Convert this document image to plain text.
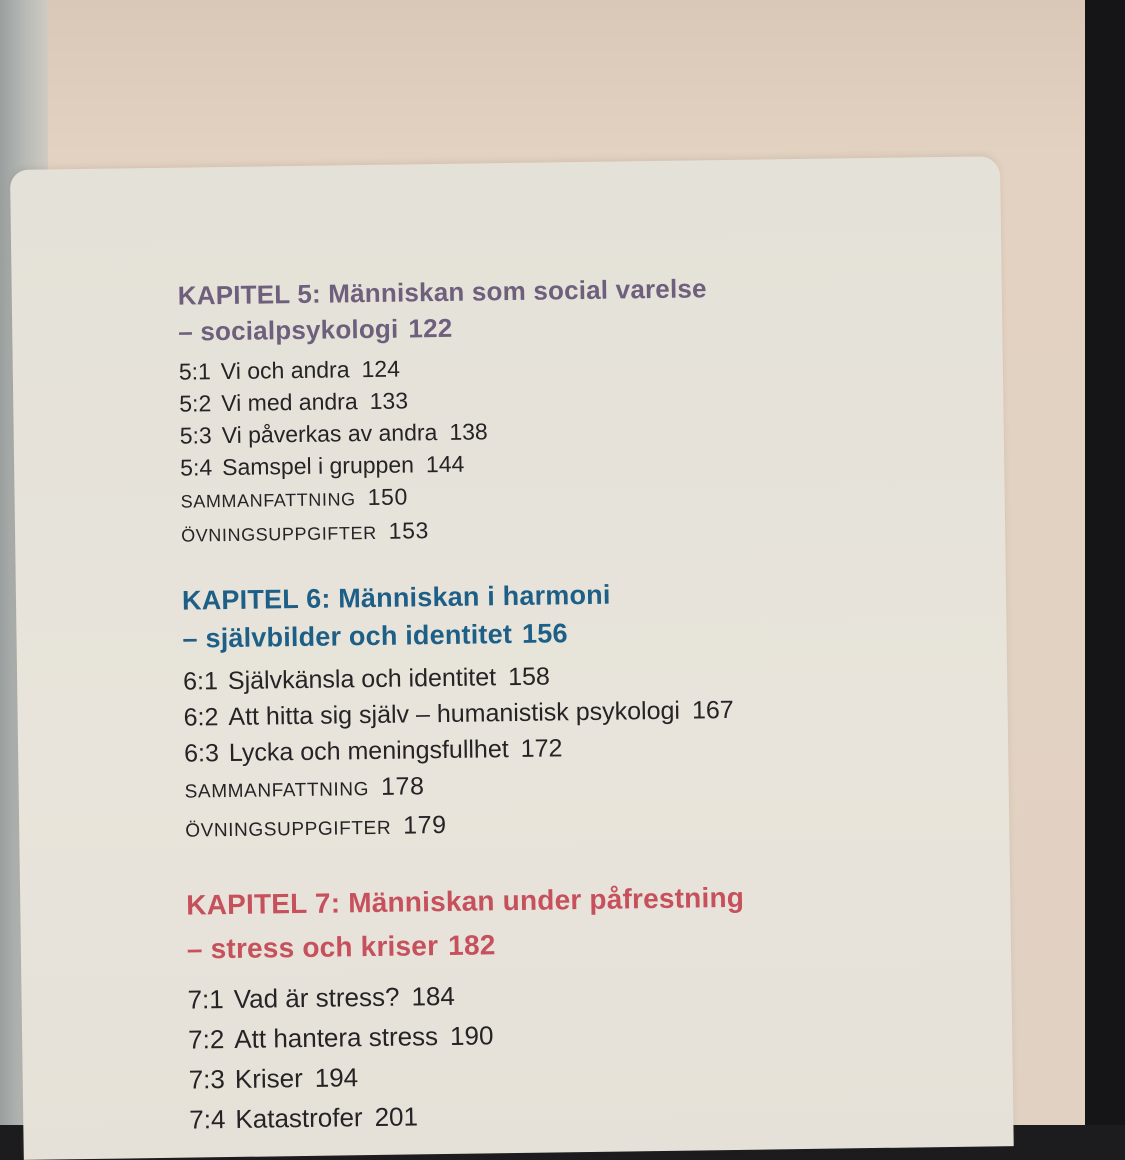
KAPITEL 5: Människan som social varelse
– socialpsykologi 122
5:1 Vi och andra 124
5:2 Vi med andra 133
5:3 Vi påverkas av andra 138
5:4 Samspel i gruppen 144
SAMMANFATTNING 150
ÖVNINGSUPPGIFTER 153
KAPITEL 6: Människan i harmoni
– självbilder och identitet 156
6:1 Självkänsla och identitet 158
6:2 Att hitta sig själv – humanistisk psykologi 167
6:3 Lycka och meningsfullhet 172
SAMMANFATTNING 178
ÖVNINGSUPPGIFTER 179
KAPITEL 7: Människan under påfrestning
– stress och kriser 182
7:1 Vad är stress? 184
7:2 Att hantera stress 190
7:3 Kriser 194
7:4 Katastrofer 201
